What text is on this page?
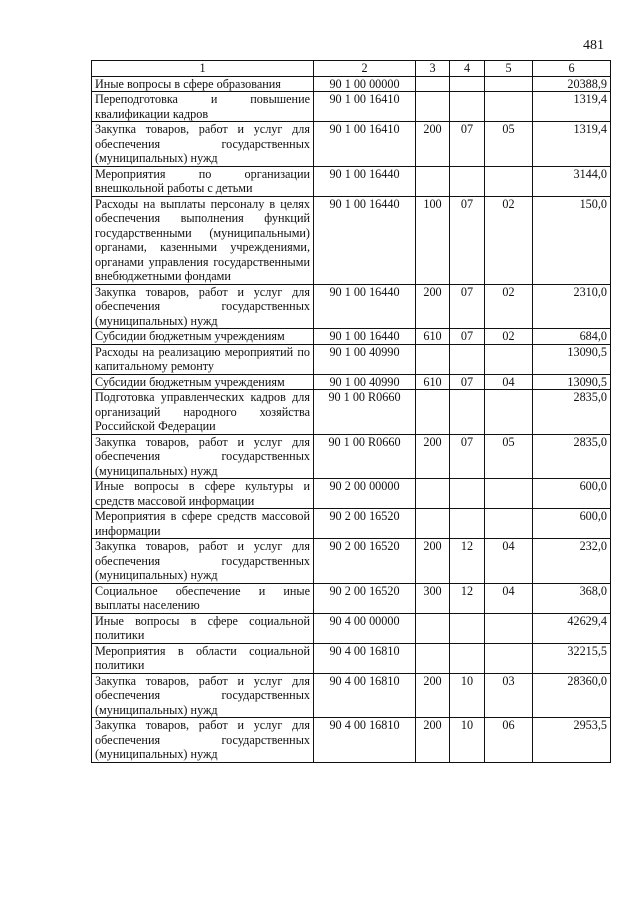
481
1	2	3	4	5	6
Иные вопросы в сфере образования	90 1 00 00000				20388,9
Переподготовка и повышение квалификации кадров	90 1 00 16410				1319,4
Закупка товаров, работ и услуг для обеспечения государственных (муниципальных) нужд	90 1 00 16410	200	07	05	1319,4
Мероприятия по организации внешкольной работы с детьми	90 1 00 16440				3144,0
Расходы на выплаты персоналу в целях обеспечения выполнения функций государственными (муниципальными) органами, казенными учреждениями, органами управления государственными внебюджетными фондами	90 1 00 16440	100	07	02	150,0
Закупка товаров, работ и услуг для обеспечения государственных (муниципальных) нужд	90 1 00 16440	200	07	02	2310,0
Субсидии бюджетным учреждениям	90 1 00 16440	610	07	02	684,0
Расходы на реализацию мероприятий по капитальному ремонту	90 1 00 40990				13090,5
Субсидии бюджетным учреждениям	90 1 00 40990	610	07	04	13090,5
Подготовка управленческих кадров для организаций народного хозяйства Российской Федерации	90 1 00 R0660				2835,0
Закупка товаров, работ и услуг для обеспечения государственных (муниципальных) нужд	90 1 00 R0660	200	07	05	2835,0
Иные вопросы в сфере культуры и средств массовой информации	90 2 00 00000				600,0
Мероприятия в сфере средств массовой информации	90 2 00 16520				600,0
Закупка товаров, работ и услуг для обеспечения государственных (муниципальных) нужд	90 2 00 16520	200	12	04	232,0
Социальное обеспечение и иные выплаты населению	90 2 00 16520	300	12	04	368,0
Иные вопросы в сфере социальной политики	90 4 00 00000				42629,4
Мероприятия в области социальной политики	90 4 00 16810				32215,5
Закупка товаров, работ и услуг для обеспечения государственных (муниципальных) нужд	90 4 00 16810	200	10	03	28360,0
Закупка товаров, работ и услуг для обеспечения государственных (муниципальных) нужд	90 4 00 16810	200	10	06	2953,5
